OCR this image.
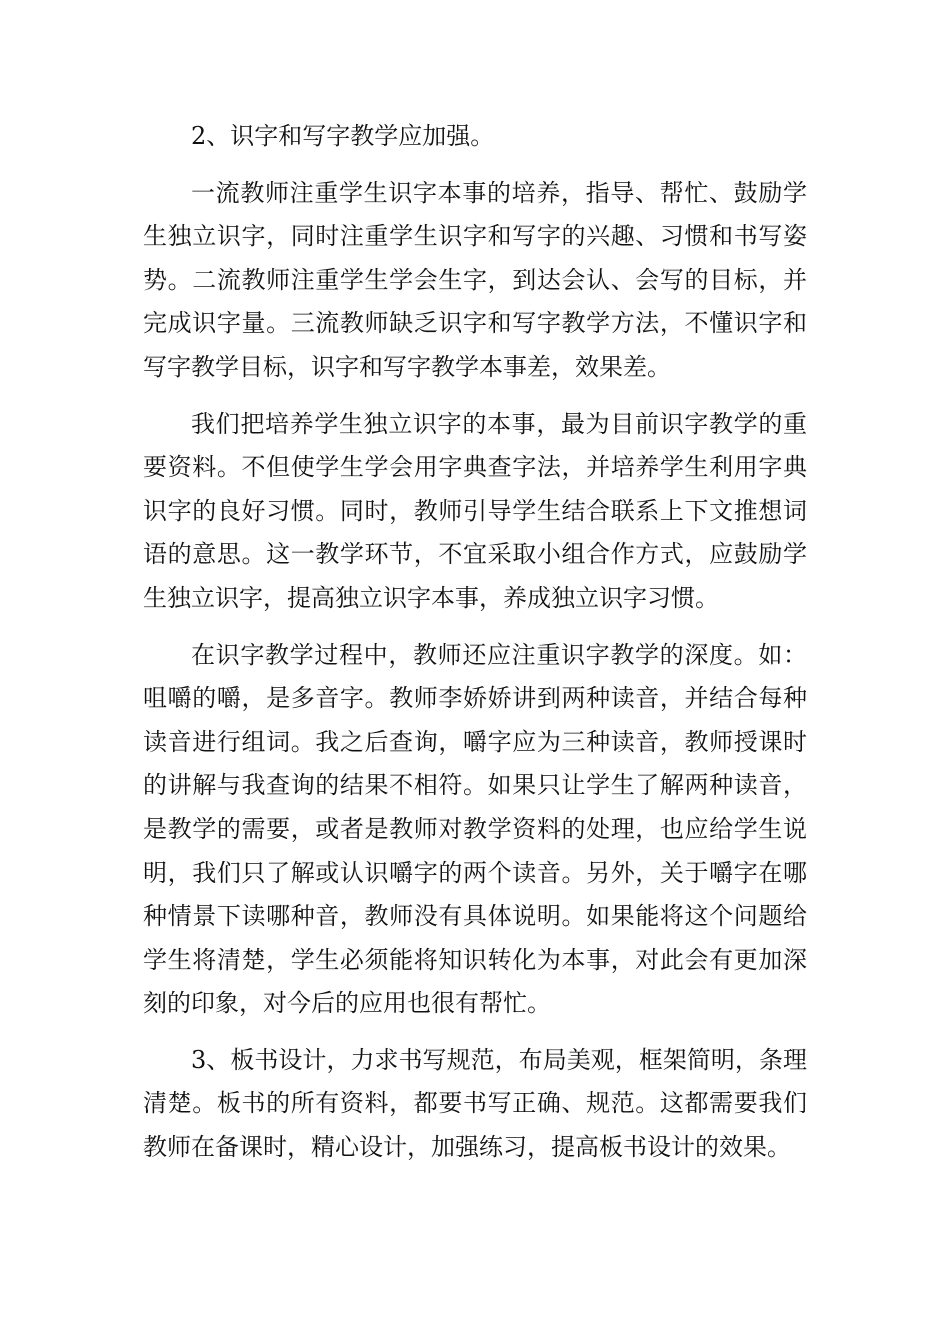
2、识字和写字教学应加强。

一流教师注重学生识字本事的培养，指导、帮忙、鼓励学生独立识字，同时注重学生识字和写字的兴趣、习惯和书写姿势。二流教师注重学生学会生字，到达会认、会写的目标，并完成识字量。三流教师缺乏识字和写字教学方法，不懂识字和写字教学目标，识字和写字教学本事差，效果差。

我们把培养学生独立识字的本事，最为目前识字教学的重要资料。不但使学生学会用字典查字法，并培养学生利用字典识字的良好习惯。同时，教师引导学生结合联系上下文推想词语的意思。这一教学环节，不宜采取小组合作方式，应鼓励学生独立识字，提高独立识字本事，养成独立识字习惯。

在识字教学过程中，教师还应注重识字教学的深度。如：咀嚼的嚼，是多音字。教师李娇娇讲到两种读音，并结合每种读音进行组词。我之后查询，嚼字应为三种读音，教师授课时的讲解与我查询的结果不相符。如果只让学生了解两种读音，是教学的需要，或者是教师对教学资料的处理，也应给学生说明，我们只了解或认识嚼字的两个读音。另外，关于嚼字在哪种情景下读哪种音，教师没有具体说明。如果能将这个问题给学生将清楚，学生必须能将知识转化为本事，对此会有更加深刻的印象，对今后的应用也很有帮忙。

3、板书设计，力求书写规范，布局美观，框架简明，条理清楚。板书的所有资料，都要书写正确、规范。这都需要我们教师在备课时，精心设计，加强练习，提高板书设计的效果。
